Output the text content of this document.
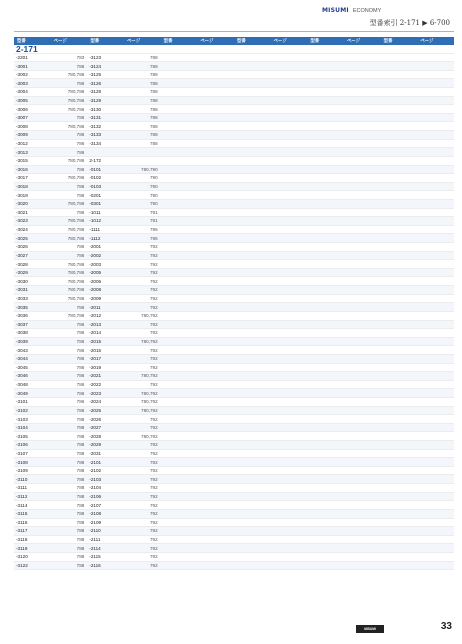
MISUMI ECONOMY
型番索引 2-171 ▶ 6-700
型番	ページ
2-171
-2201	783
-3001	786
-3002	780,786
-3003	786
-3004	780,786
-3005	780,786
-3006	780,786
-3007	786
-3008	780,786
-3009	786
-3012	786
-3013	786
-3015	780,786
-3016	786
-3017	780,786
-3018	786
-3019	786
-3020	780,786
-3021	786
-3023	780,786
-3024	780,786
-3025	780,786
-3026	786
-3027	786
-3028	780,786
-3029	780,786
-3030	780,786
-3031	780,786
-3033	780,786
-3035	786
-3036	780,786
-3037	786
-3038	786
-3039	786
-3043	786
-3044	786
-3045	786
-3046	786
-3048	786
-3049	786
-3101	786
-3102	786
-3103	788
-3104	788
-3105	788
-3106	788
-3107	788
-3108	788
-3109	788
-3110	788
-3111	788
-3112	788
-3114	788
-3115	788
-3116	788
-3117	788
-3118	788
-3119	788
-3120	788
-3122	788
型番	ページ
-3123	788
-3124	788
-3125	788
-3126	788
-3128	788
-3129	788
-3130	788
-3131	788
-3132	788
-3133	788
-3134	788
2-172
-0101	780,790
-0102	790
-0103	790
-0201	790
-0301	790
-1011	791
-1012	791
-1111	795
-1112	795
-2001	792
-2002	792
-2003	792
-2005	792
-2006	792
-2008	792
-2009	792
-2011	792
-2012	780,792
-2013	792
-2014	792
-2015	780,792
-2016	792
-2017	792
-2019	792
-2021	780,792
-2022	792
-2023	780,792
-2024	780,792
-2025	780,792
-2026	792
-2027	792
-2028	780,792
-2029	792
-2031	792
-2101	792
-2102	792
-2103	792
-2104	792
-2106	792
-2107	792
-2108	792
-2109	792
-2110	792
-2111	792
-2114	792
-2115	792
-2116	792
型番	ページ	型番	ページ	型番	ページ	型番	ページ
MISUMI	33
